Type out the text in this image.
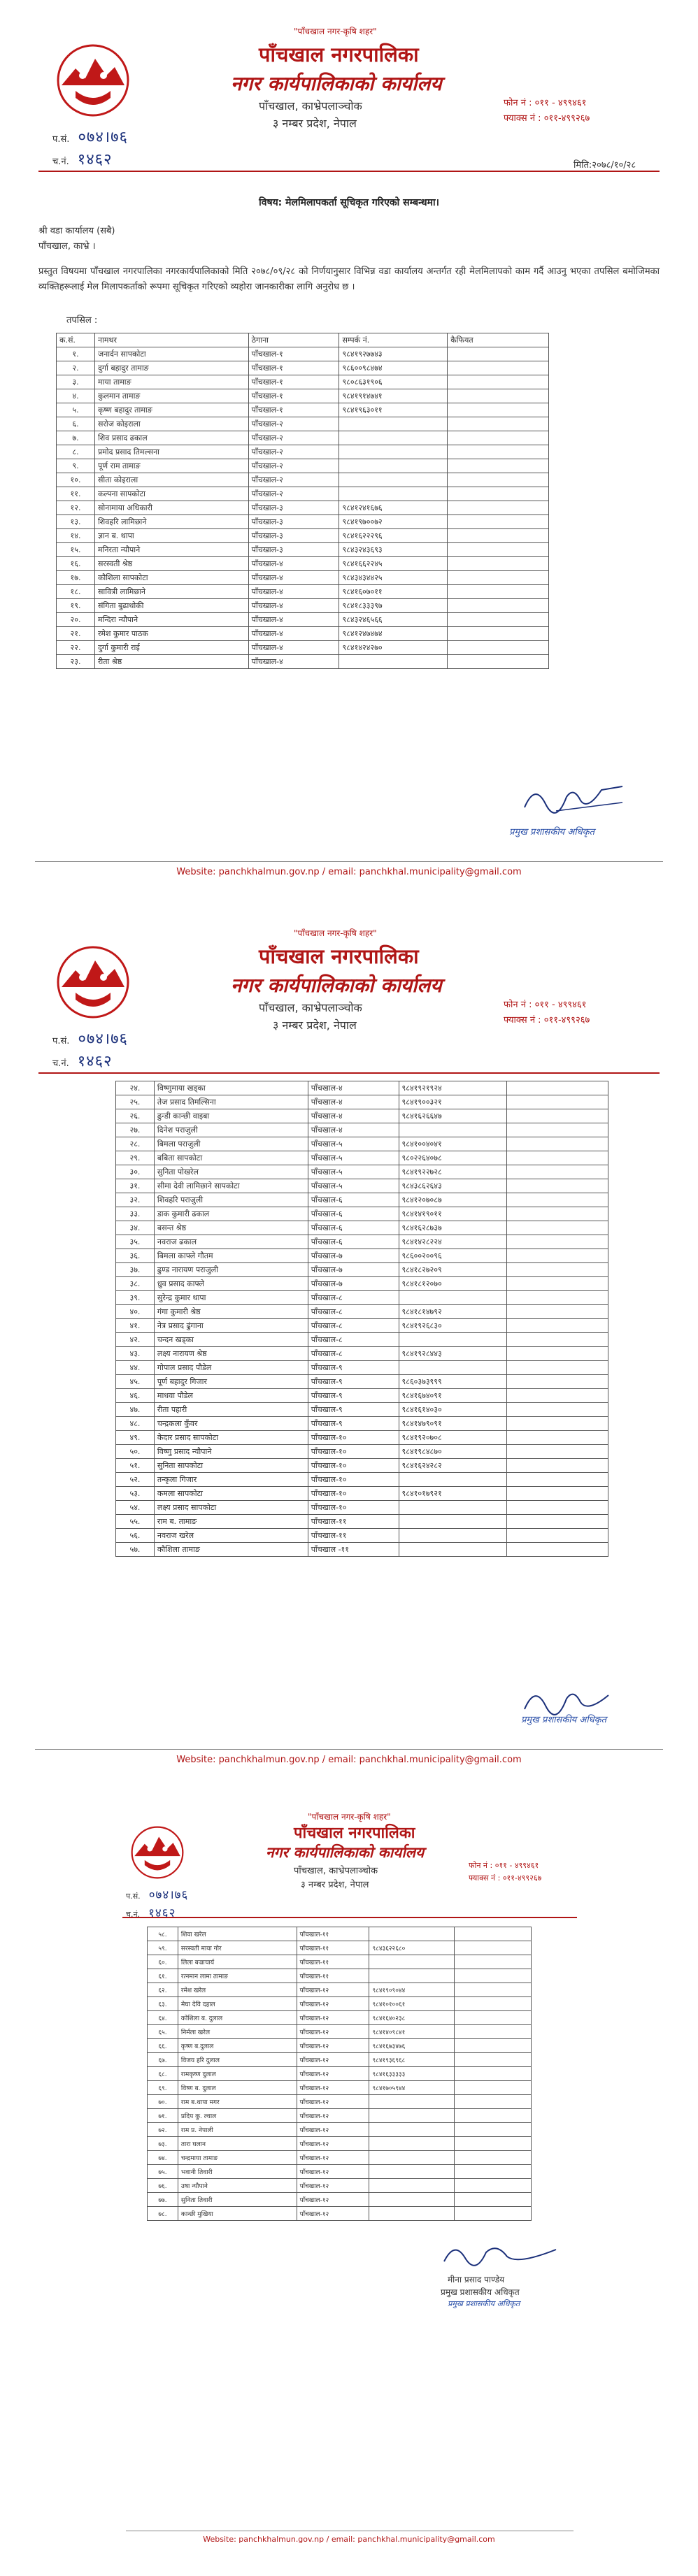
"पाँचखाल नगर-कृषि शहर"
पाँचखाल नगरपालिका
नगर कार्यपालिकाको कार्यालय
पाँचखाल, काभ्रेपलाञ्चोक
३ नम्बर प्रदेश, नेपाल
फोन नं : ०११ - ४९९४६१
फ्याक्स नं : ०११-४९९२६७
प.सं. ०७४।७६
च.नं. १४६२	मिति:२०७८/१०/२८
विषय: मेलमिलापकर्ता सूचिकृत गरिएको सम्बन्धमा।
श्री वडा कार्यालय (सबै)
पाँचखाल, काभ्रे ।
प्रस्तुत विषयमा पाँचखाल नगरपालिका नगरकार्यपालिकाको मिति २०७८/०९/२८ को निर्णयानुसार विभिन्न वडा कार्यालय अन्तर्गत रही मेलमिलापको काम गर्दै आउनु भएका तपसिल बमोजिमका व्यक्तिहरूलाई मेल मिलापकर्ताको रूपमा सूचिकृत गरिएको व्यहोरा जानकारीका लागि अनुरोध छ ।
तपसिल :
क.सं.	नामथर	ठेगाना	सम्पर्क नं.	कैफियत
१.	जनार्दन सापकोटा	पाँचखाल-१	९८४१९२७७४३	
२.	दुर्गा बहादुर तामाङ	पाँचखाल-१	९८६००९८४७४	
३.	माया तामाङ	पाँचखाल-१	९८०८६३१९०६	
४.	कुलमान तामाङ	पाँचखाल-१	९८४१९१४७४१	
५.	कृष्ण बहादुर तामाङ	पाँचखाल-१	९८४१९६३०११	
६.	सरोज कोइराला	पाँचखाल-२		
७.	शिव प्रसाद ढकाल	पाँचखाल-२		
८.	प्रमोद प्रसाद तिमल्सना	पाँचखाल-२		
९.	पूर्ण राम तामाङ	पाँचखाल-२		
१०.	सीता कोइराला	पाँचखाल-२		
११.	कल्पना सापकोटा	पाँचखाल-२		
१२.	सोनामाया अधिकारी	पाँचखाल-३	९८४१२४१६७६	
१३.	शिवहरि लामिछाने	पाँचखाल-३	९८४१९७००७२	
१४.	ज्ञान ब. थापा	पाँचखाल-३	९८४१६२२२९६	
१५.	मनिरता न्यौपाने	पाँचखाल-३	९८४३२४३६९३	
१६.	सरस्वती श्रेष्ठ	पाँचखाल-४	९८४१६६२२४५	
१७.	कौशिला सापकोटा	पाँचखाल-४	९८४३४३४४२५	
१८.	सावित्री लामिछाने	पाँचखाल-४	९८४१६०७०११	
१९.	संगिता बुढाथोकी	पाँचखाल-४	९८४१८३३३९७	
२०.	मन्दिरा न्यौपाने	पाँचखाल-४	९८४३२४६५६६	
२१.	रमेश कुमार पाठक	पाँचखाल-४	९८४१२४७४७४	
२२.	दुर्गा कुमारी राई	पाँचखाल-४	९८४१४२४२७०	
२३.	रीता श्रेष्ठ	पाँचखाल-४		
प्रमुख प्रशासकीय अधिकृत
Website: panchkhalmun.gov.np / email: panchkhal.municipality@gmail.com
"पाँचखाल नगर-कृषि शहर"
पाँचखाल नगरपालिका
नगर कार्यपालिकाको कार्यालय
पाँचखाल, काभ्रेपलाञ्चोक
३ नम्बर प्रदेश, नेपाल
फोन नं : ०११ - ४९९४६१
फ्याक्स नं : ०११-४९९२६७
प.सं. ०७४।७६
च.नं. १४६२
२४.	विष्णुमाया खड्का	पाँचखाल-४	९८४१९२१९२४	
२५.	तेज प्रसाद तिमल्सिना	पाँचखाल-४	९८४१९००३२१	
२६.	ढुन्डी कान्छी वाइबा	पाँचखाल-४	९८४१६२६६४७	
२७.	दिनेश पराजुली	पाँचखाल-४		
२८.	बिमला पराजुली	पाँचखाल-५	९८४१००४०४१	
२९.	बबिता सापकोटा	पाँचखाल-५	९८०२२६४०७८	
३०.	सुनिता पोखरेल	पाँचखाल-५	९८४१९२२७२८	
३१.	सीमा देवी लामिछाने सापकोटा	पाँचखाल-५	९८४३८६२६४३	
३२.	शिवहरि पराजुली	पाँचखाल-६	९८४१२०७०८७	
३३.	डाक कुमारी ढकाल	पाँचखाल-६	९८४१४१९०११	
३४.	बसन्त श्रेष्ठ	पाँचखाल-६	९८४१६२८७३७	
३५.	नवराज ढकाल	पाँचखाल-६	९८४१४२८२२४	
३६.	बिमला काफ्ले गौतम	पाँचखाल-७	९८६००२००९६	
३७.	ढुण्ड नारायण पराजुली	पाँचखाल-७	९८४१८२७२०९	
३८.	ध्रुव प्रसाद काफ्ले	पाँचखाल-७	९८४१८१२०७०	
३९.	सुरेन्द्र कुमार थापा	पाँचखाल-८		
४०.	गंगा कुमारी श्रेष्ठ	पाँचखाल-८	९८४१८१४७९२	
४१.	नेत्र प्रसाद ढुंगाना	पाँचखाल-८	९८४१९२६८३०	
४२.	चन्दन खड्का	पाँचखाल-८		
४३.	लक्ष्य नारायण श्रेष्ठ	पाँचखाल-८	९८४१९२८४४३	
४४.	गोपाल प्रसाद पौडेल	पाँचखाल-९		
४५.	पूर्ण बहादुर गिजार	पाँचखाल-९	९८६०३७३९९९	
४६.	माधवा पौडेल	पाँचखाल-९	९८४१६७४०९१	
४७.	रीता पहारी	पाँचखाल-९	९८४१६१४०३०	
४८.	चन्द्रकला कुँवर	पाँचखाल-९	९८४१४७९०९१	
४९.	केदार प्रसाद सापकोटा	पाँचखाल-१०	९८४१९२०७०८	
५०.	विष्णु प्रसाद न्यौपाने	पाँचखाल-१०	९८४१९८४८७०	
५१.	सुनिता सापकोटा	पाँचखाल-१०	९८४१६२४२८२	
५२.	तन्कृला गिजार	पाँचखाल-१०		
५३.	कमला सापकोटा	पाँचखाल-१०	९८४१०१७९२१	
५४.	लक्ष्य प्रसाद सापकोटा	पाँचखाल-१०		
५५.	राम ब. तामाङ	पाँचखाल-११		
५६.	नवराज खरेल	पाँचखाल-११		
५७.	कौशिला तामाङ	पाँचखाल -११		
प्रमुख प्रशासकीय अधिकृत
Website: panchkhalmun.gov.np / email: panchkhal.municipality@gmail.com
"पाँचखाल नगर-कृषि शहर"
पाँचखाल नगरपालिका
नगर कार्यपालिकाको कार्यालय
पाँचखाल, काभ्रेपलाञ्चोक
३ नम्बर प्रदेश, नेपाल
फोन नं : ०११ - ४९९४६१
फ्याक्स नं : ०११-४९९२६७
प.सं. ०७४।७६
च.नं. १४६२
५८.	शिवा खरेल	पाँचखाल-११		
५९.	सरस्वती माया गोर	पाँचखाल-११	९८४३६२२६८०	
६०.	लिला बज्राचार्य	पाँचखाल-११		
६१.	रत्नमान लामा तामाङ	पाँचखाल-११		
६२.	रमेश खरेल	पाँचखाल-१२	९८४१९०९०४४	
६३.	मेघा देवि दहाल	पाँचखाल-१२	९८४१०१००६१	
६४.	कोशिला ब. दुलाल	पाँचखाल-१२	९८४१६४०२३८	
६५.	निर्मला खरेल	पाँचखाल-१२	९८४१४०९८४१	
६६.	कृष्ण ब.दुलाल	पाँचखाल-१२	९८४१६७३४७६	
६७.	विजय हरि दुलाल	पाँचखाल-१२	९८४१९३६९६८	
६८.	रामकृष्ण दुलाल	पाँचखाल-१२	९८४१६३३३३३	
६९.	विष्ण ब. दुलाल	पाँचखाल-१२	९८४१७०५९४४	
७०.	राम ब.थापा मगर	पाँचखाल-१२		
७१.	प्रदिप कु. ल्वाल	पाँचखाल-१२		
७२.	राम प्र. नेपाली	पाँचखाल-१२		
७३.	तारा घलान	पाँचखाल-१२		
७४.	चन्द्रमाया तामाङ	पाँचखाल-१२		
७५.	भवानी तिवारी	पाँचखाल-१२		
७६.	उषा न्यौपाने	पाँचखाल-१२		
७७.	सुनिता तिवारी	पाँचखाल-१२		
७८.	कान्छी मुखिया	पाँचखाल-१२		
मीना प्रसाद पाण्डेय
प्रमुख प्रशासकीय अधिकृत
प्रमुख प्रशासकीय अधिकृत
Website: panchkhalmun.gov.np / email: panchkhal.municipality@gmail.com
